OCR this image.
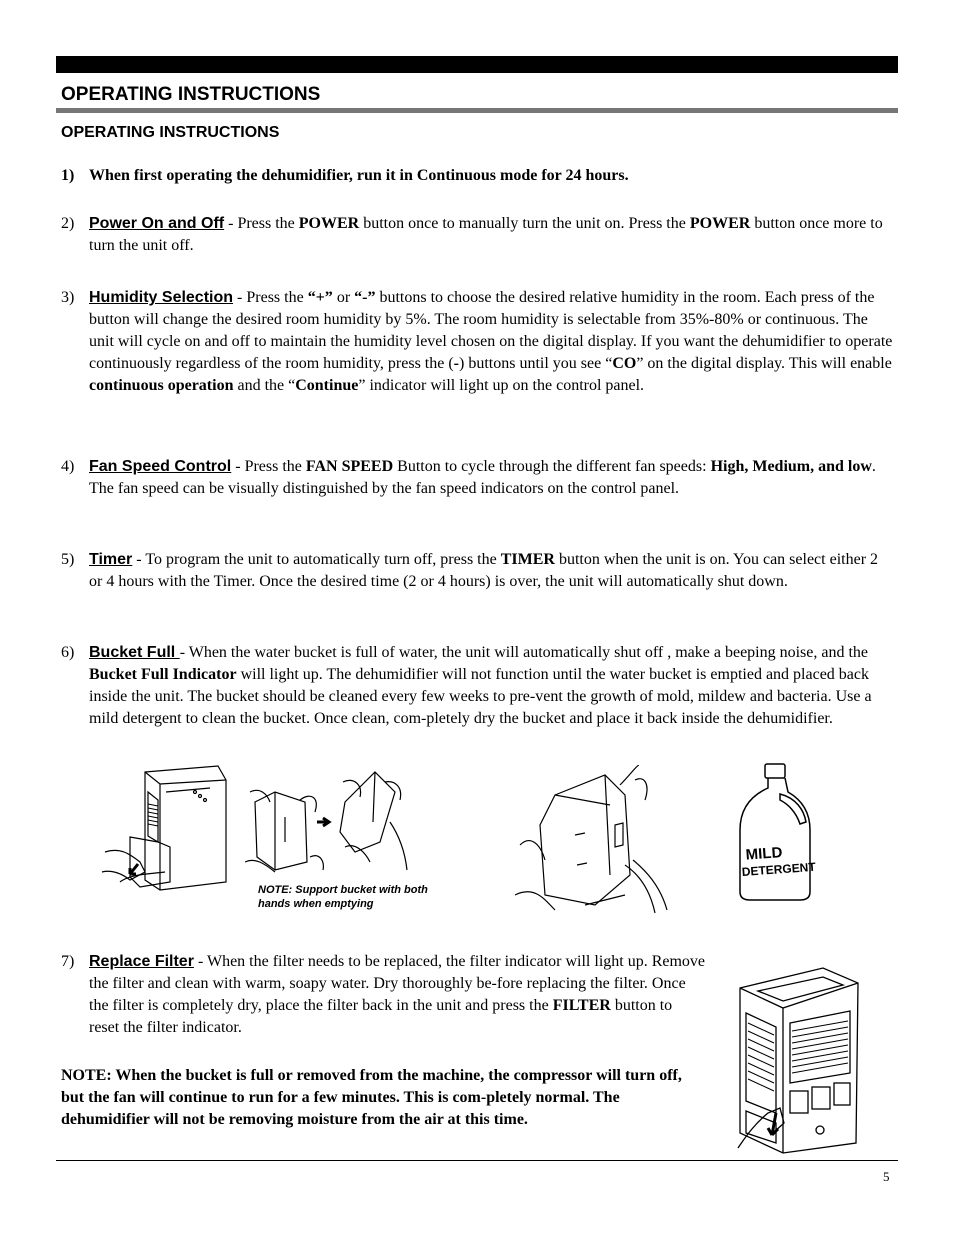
OPERATING INSTRUCTIONS
OPERATING INSTRUCTIONS
1) When first operating the dehumidifier, run it in Continuous mode for 24 hours.
2) Power On and Off - Press the POWER button once to manually turn the unit on. Press the POWER button once more to turn the unit off.
3) Humidity Selection - Press the “+” or “-” buttons to choose the desired relative humidity in the room. Each press of the button will change the desired room humidity by 5%. The room humidity is selectable from 35%-80% or continuous. The unit will cycle on and off to maintain the humidity level chosen on the digital display. If you want the dehumidifier to operate continuously regardless of the room humidity, press the (-) buttons until you see “CO” on the digital display. This will enable continuous operation and the “Continue” indicator will light up on the control panel.
4) Fan Speed Control - Press the FAN SPEED Button to cycle through the different fan speeds: High, Medium, and low. The fan speed can be visually distinguished by the fan speed indicators on the control panel.
5) Timer - To program the unit to automatically turn off, press the TIMER button when the unit is on. You can select either 2 or 4 hours with the Timer. Once the desired time (2 or 4 hours) is over, the unit will automatically shut down.
6) Bucket Full - When the water bucket is full of water, the unit will automatically shut off , make a beeping noise, and the Bucket Full Indicator will light up. The dehumidifier will not function until the water bucket is emptied and placed back inside the unit. The bucket should be cleaned every few weeks to pre-vent the growth of mold, mildew and bacteria. Use a mild detergent to clean the bucket. Once clean, com-pletely dry the bucket and place it back inside the dehumidifier.
MILD
DETERGENT
NOTE: Support bucket with both hands when emptying
7) Replace Filter - When the filter needs to be replaced, the filter indicator will light up. Remove the filter and clean with warm, soapy water. Dry thoroughly be-fore replacing the filter. Once the filter is completely dry, place the filter back in the unit and press the FILTER button to reset the filter indicator.
NOTE: When the bucket is full or removed from the machine, the compressor will turn off, but the fan will continue to run for a few minutes. This is com-pletely normal. The dehumidifier will not be removing moisture from the air at this time.
5
